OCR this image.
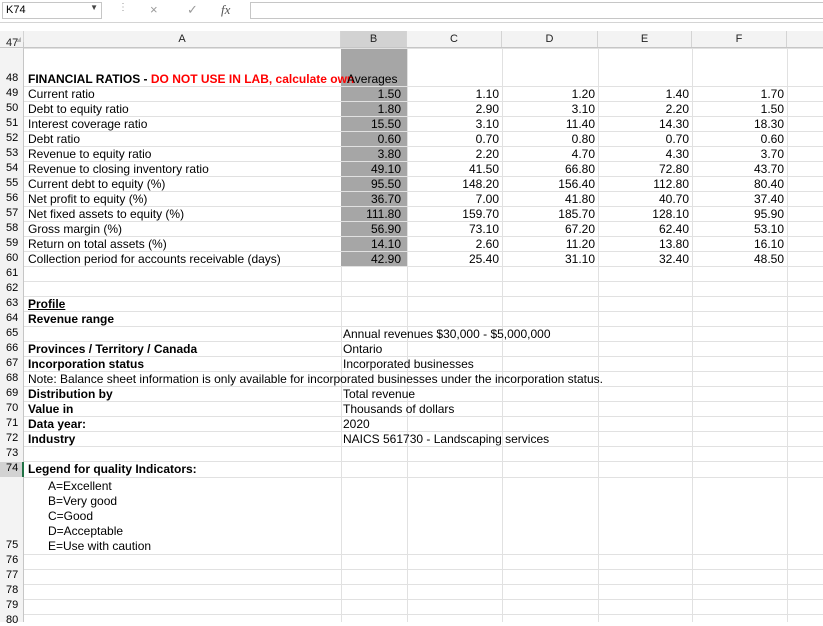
K74	▼ ⋮ × ✓ fx
A	B	C	D	E	F
47
48 FINANCIAL RATIOS - DO NOT USE IN LAB, calculate own
Averages
49 Current ratio	1.50	1.10	1.20	1.40	1.70
50 Debt to equity ratio	1.80	2.90	3.10	2.20	1.50
51 Interest coverage ratio	15.50	3.10	11.40	14.30	18.30
52 Debt ratio	0.60	0.70	0.80	0.70	0.60
53 Revenue to equity ratio	3.80	2.20	4.70	4.30	3.70
54 Revenue to closing inventory ratio	49.10	41.50	66.80	72.80	43.70
55 Current debt to equity (%)	95.50	148.20	156.40	112.80	80.40
56 Net profit to equity (%)	36.70	7.00	41.80	40.70	37.40
57 Net fixed assets to equity (%)	111.80	159.70	185.70	128.10	95.90
58 Gross margin (%)	56.90	73.10	67.20	62.40	53.10
59 Return on total assets (%)	14.10	2.60	11.20	13.80	16.10
60 Collection period for accounts receivable (days)	42.90	25.40	31.10	32.40	48.50
61
62
63
64
65
66
67
68
69
70
71
72
73
74
Profile
Revenue range
Annual revenues $30,000 - $5,000,000
Provinces / Territory / Canada	Ontario
Incorporation status	Incorporated businesses
Note: Balance sheet information is only available for incorporated businesses under the incorporation status.
Distribution by	Total revenue
Value in	Thousands of dollars
Data year:	2020
Industry	NAICS 561730 - Landscaping services
Legend for quality Indicators:
A=Excellent
B=Very good
C=Good
D=Acceptable
E=Use with caution
75
76
77
78
79
80
